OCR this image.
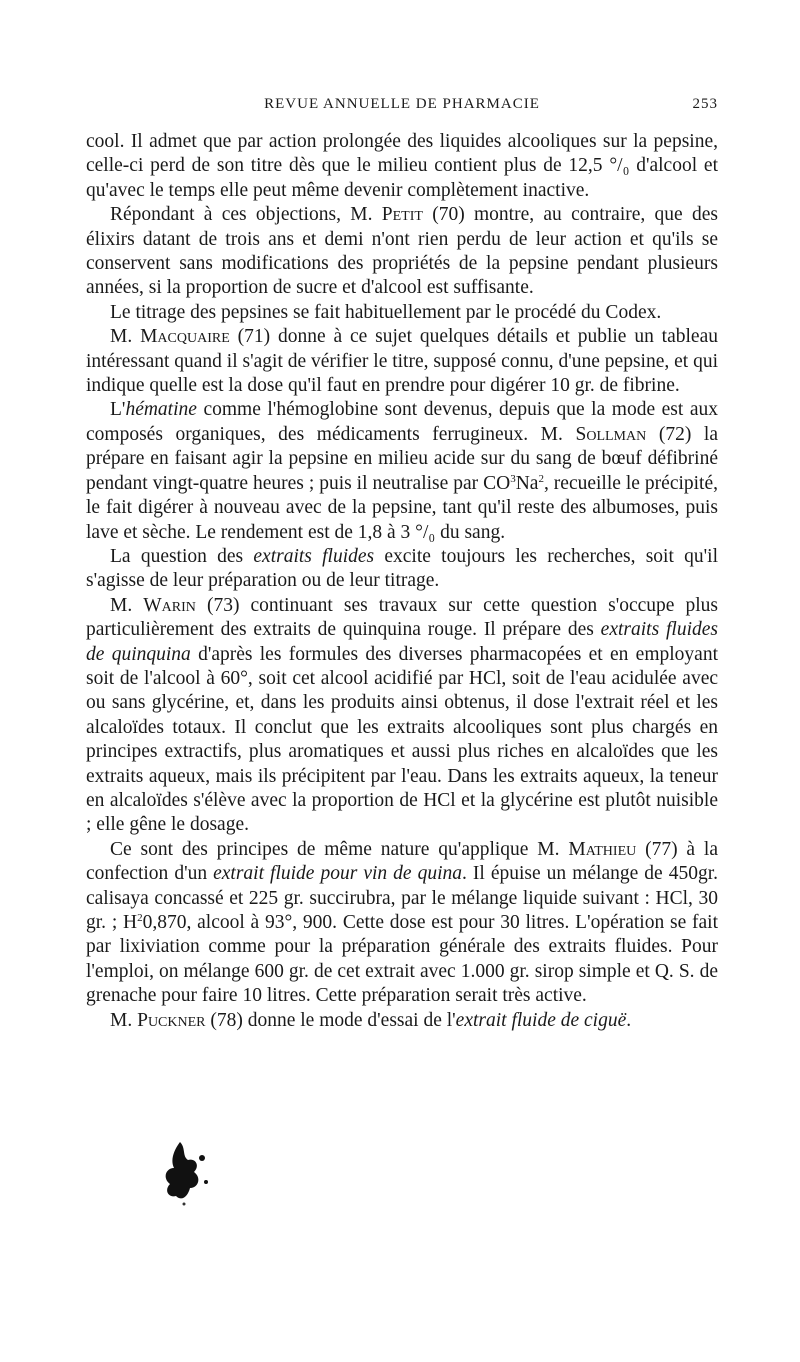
REVUE ANNUELLE DE PHARMACIE	253

cool. Il admet que par action prolongée des liquides alcooliques sur la pepsine, celle-ci perd de son titre dès que le milieu contient plus de 12,5 °/₀ d'alcool et qu'avec le temps elle peut même devenir complètement inactive.

Répondant à ces objections, M. Petit (70) montre, au contraire, que des élixirs datant de trois ans et demi n'ont rien perdu de leur action et qu'ils se conservent sans modifications des propriétés de la pepsine pendant plusieurs années, si la proportion de sucre et d'alcool est suffisante.

Le titrage des pepsines se fait habituellement par le procédé du Codex.

M. Macquaire (71) donne à ce sujet quelques détails et publie un tableau intéressant quand il s'agit de vérifier le titre, supposé connu, d'une pepsine, et qui indique quelle est la dose qu'il faut en prendre pour digérer 10 gr. de fibrine.

L'hématine comme l'hémoglobine sont devenus, depuis que la mode est aux composés organiques, des médicaments ferrugineux. M. Sollman (72) la prépare en faisant agir la pepsine en milieu acide sur du sang de bœuf défibriné pendant vingt-quatre heures ; puis il neutralise par $CO^3Na^2$, recueille le précipité, le fait digérer à nouveau avec de la pepsine, tant qu'il reste des albumoses, puis lave et sèche. Le rendement est de 1,8 à 3 °/₀ du sang.

La question des extraits fluides excite toujours les recherches, soit qu'il s'agisse de leur préparation ou de leur titrage.

M. Warin (73) continuant ses travaux sur cette question s'occupe plus particulièrement des extraits de quinquina rouge. Il prépare des extraits fluides de quinquina d'après les formules des diverses pharmacopées et en employant soit de l'alcool à 60°, soit cet alcool acidifié par HCl, soit de l'eau acidulée avec ou sans glycérine, et, dans les produits ainsi obtenus, il dose l'extrait réel et les alcaloïdes totaux. Il conclut que les extraits alcooliques sont plus chargés en principes extractifs, plus aromatiques et aussi plus riches en alcaloïdes que les extraits aqueux, mais ils précipitent par l'eau. Dans les extraits aqueux, la teneur en alcaloïdes s'élève avec la proportion de HCl et la glycérine est plutôt nuisible ; elle gêne le dosage.

Ce sont des principes de même nature qu'applique M. Mathieu (77) à la confection d'un extrait fluide pour vin de quina. Il épuise un mélange de 450gr. calisaya concassé et 225 gr. succirubra, par le mélange liquide suivant : HCl, 30 gr. ; $H^20,870$, alcool à 93°, 900. Cette dose est pour 30 litres. L'opération se fait par lixiviation comme pour la préparation générale des extraits fluides. Pour l'emploi, on mélange 600 gr. de cet extrait avec 1.000 gr. sirop simple et Q. S. de grenache pour faire 10 litres. Cette préparation serait très active.

M. Puckner (78) donne le mode d'essai de l'extrait fluide de ciguë.
